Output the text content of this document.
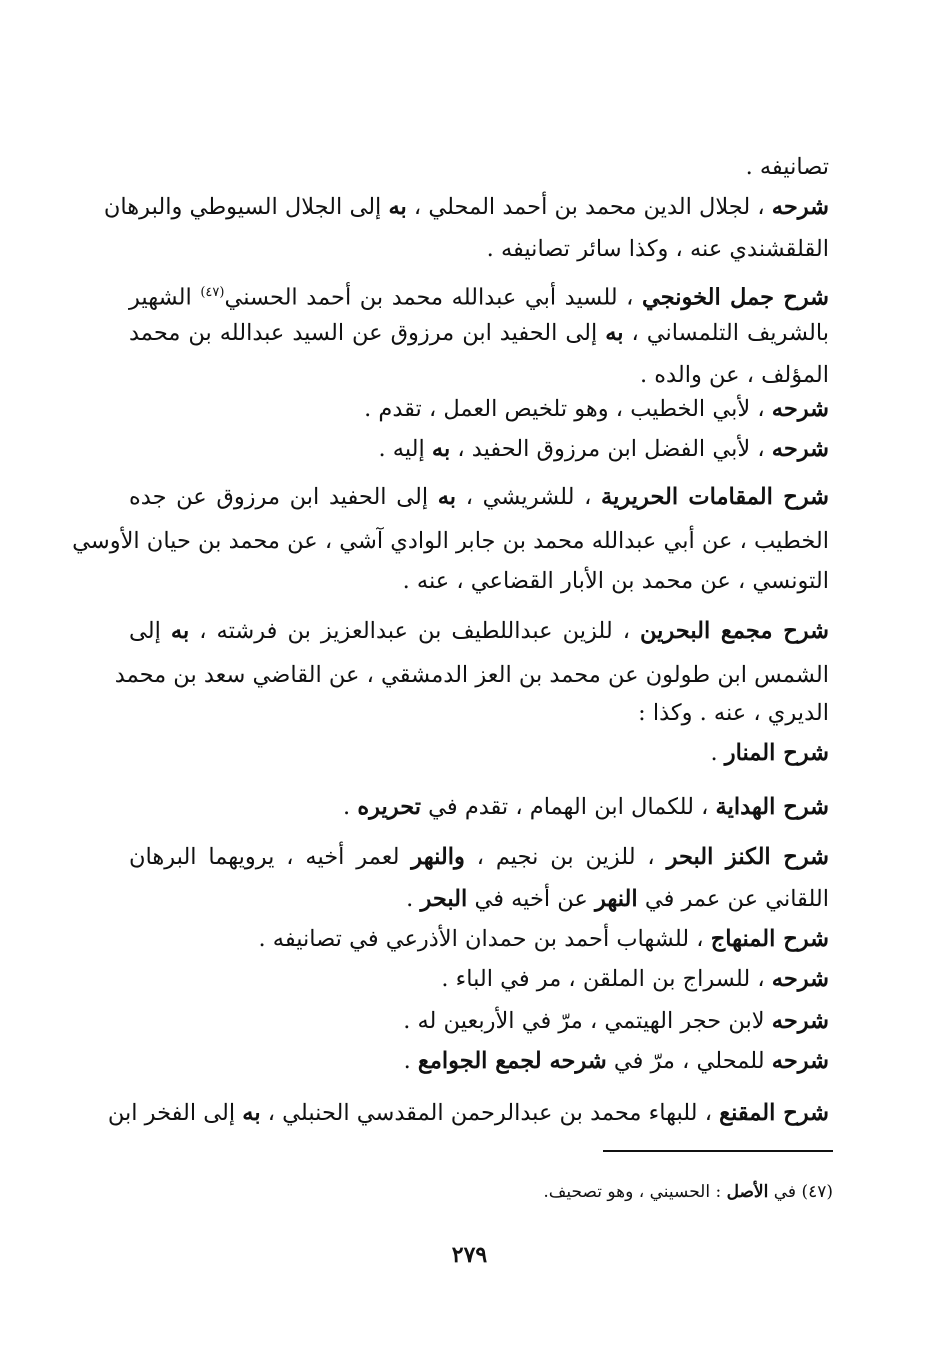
تصانيفه .
شرحه ، لجلال الدين محمد بن أحمد المحلي ، به إلى الجلال السيوطي والبرهان
القلقشندي عنه ، وكذا سائر تصانيفه .
شرح جمل الخونجي ، للسيد أبي عبدالله محمد بن أحمد الحسني$^{(٤٧)}$ الشهير
بالشريف التلمساني ، به إلى الحفيد ابن مرزوق عن السيد عبدالله بن محمد
المؤلف ، عن والده .
شرحه ، لأبي الخطيب ، وهو تلخيص العمل ، تقدم .
شرحه ، لأبي الفضل ابن مرزوق الحفيد ، به إليه .
شرح المقامات الحريرية ، للشريشي ، به إلى الحفيد ابن مرزوق عن جده
الخطيب ، عن أبي عبدالله محمد بن جابر الوادي آشي ، عن محمد بن حيان الأوسي
التونسي ، عن محمد بن الأبار القضاعي ، عنه .
شرح مجمع البحرين ، للزين عبداللطيف بن عبدالعزيز بن فرشته ، به إلى
الشمس ابن طولون عن محمد بن العز الدمشقي ، عن القاضي سعد بن محمد
الديري ، عنه . وكذا :
شرح المنار .
شرح الهداية ، للكمال ابن الهمام ، تقدم في تحريره .
شرح الكنز البحر ، للزين بن نجيم ، والنهر لعمر أخيه ، يرويهما البرهان
اللقاني عن عمر في النهر عن أخيه في البحر .
شرح المنهاج ، للشهاب أحمد بن حمدان الأذرعي في تصانيفه .
شرحه ، للسراج بن الملقن ، مر في الباء .
شرحه لابن حجر الهيتمي ، مرّ في الأربعين له .
شرحه للمحلي ، مرّ في شرحه لجمع الجوامع .
شرح المقنع ، للبهاء محمد بن عبدالرحمن المقدسي الحنبلي ، به إلى الفخر ابن
(٤٧) في الأصل : الحسيني ، وهو تصحيف.
٢٧٩
